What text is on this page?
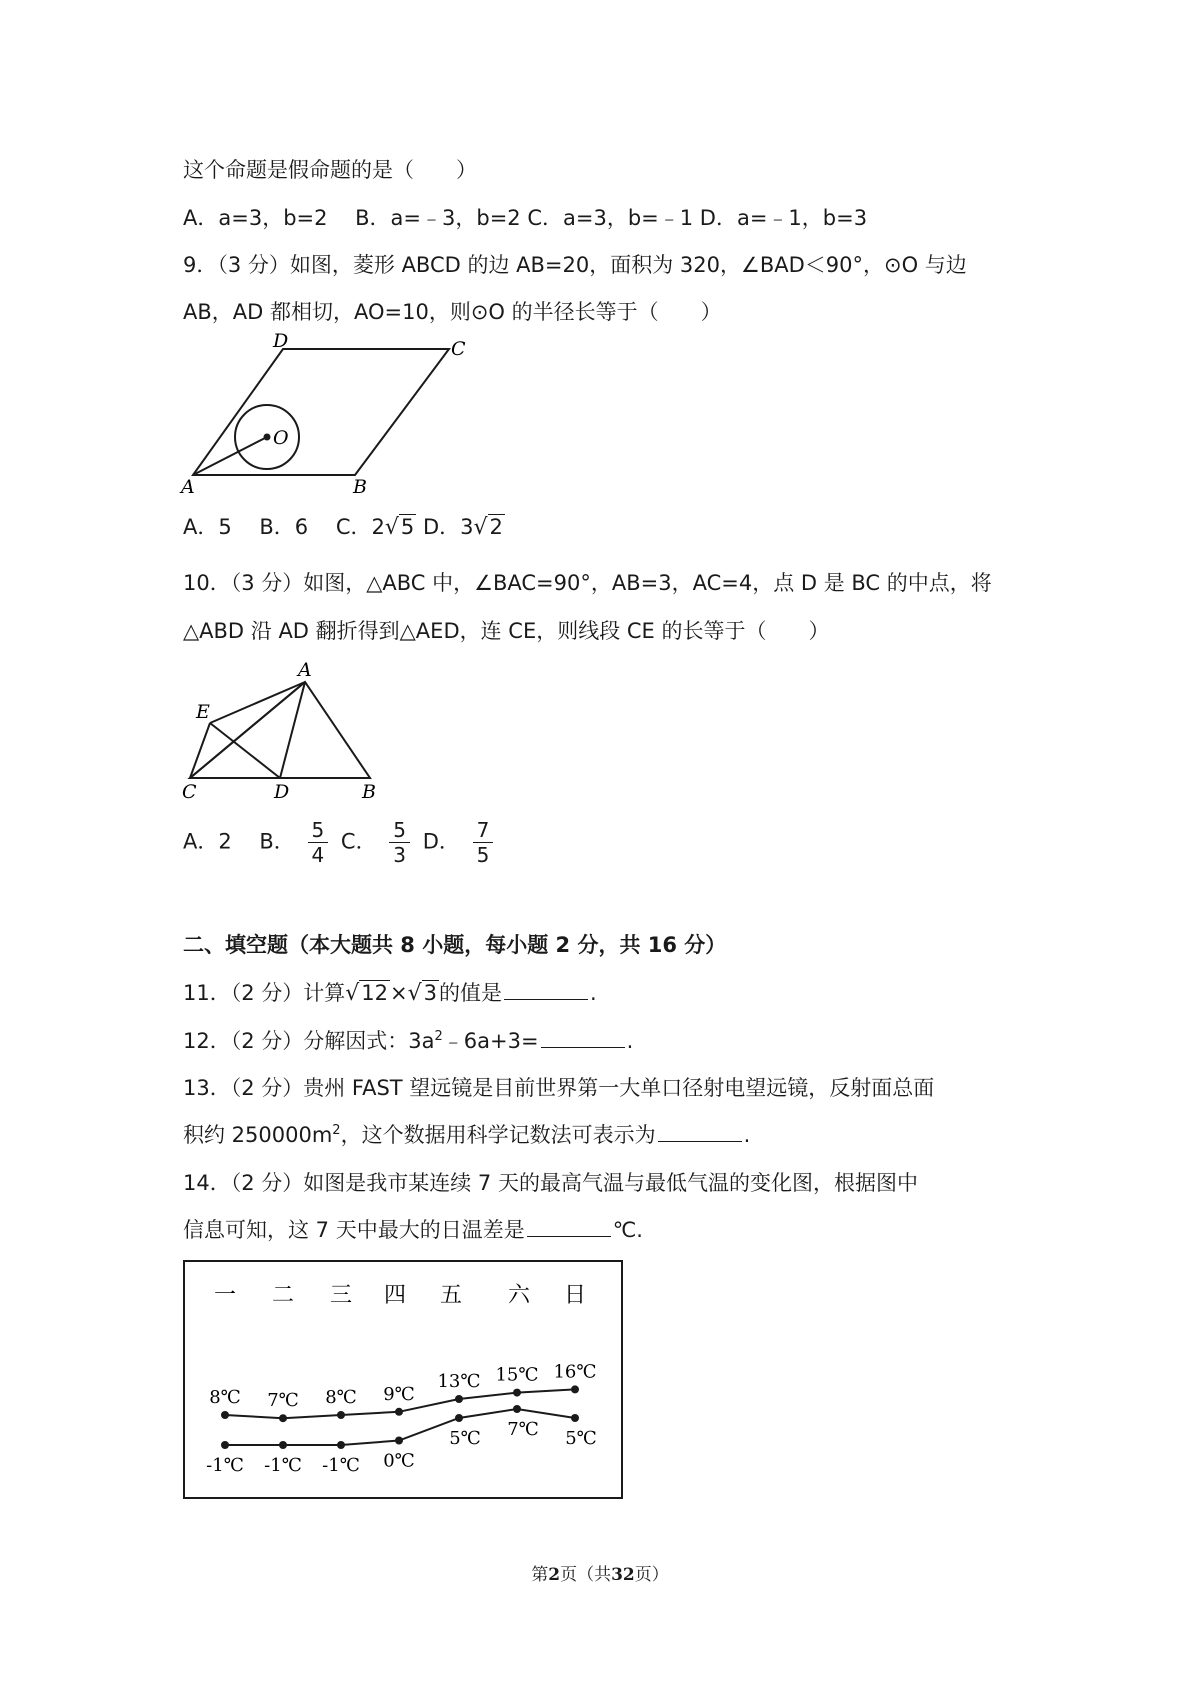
这个命题是假命题的是（　　）
A．a=3，b=2　 B．a=﹣3，b=2 C．a=3，b=﹣1 D．a=﹣1，b=3
9．（3 分）如图，菱形 ABCD 的边 AB=20，面积为 320，∠BAD＜90°，⊙O 与边
AB，AD 都相切，AO=10，则⊙O 的半径长等于（　　）
A	B
C
D
O
A．5　 B．6　 C．2√5 D．3√2
10．（3 分）如图，△ABC 中，∠BAC=90°，AB=3，AC=4，点 D 是 BC 的中点，将
△ABD 沿 AD 翻折得到△AED，连 CE，则线段 CE 的长等于（　　）
A
B
C	D
E
A．2　 B． $\frac{5}{4}$ C． $\frac{5}{3}$ D． $\frac{7}{5}$
二、填空题（本大题共 8 小题，每小题 2 分，共 16 分）
11．（2 分）计算√12×√3的值是	.
12．（2 分）分解因式：$3a^2﹣6a+3=$	.
13．（2 分）贵州 FAST 望远镜是目前世界第一大单口径射电望远镜，反射面总面
积约 $250000m^2$，这个数据用科学记数法可表示为	.
14．（2 分）如图是我市某连续 7 天的最高气温与最低气温的变化图，根据图中
信息可知，这 7 天中最大的日温差是	℃.
一 二 三 四 五 六 日
8℃ 7℃ 8℃ 9℃
13℃ 15℃ 16℃
-1℃ -1℃ -1℃ 0℃
5℃ 7℃ 5℃
第2页（共32页）
